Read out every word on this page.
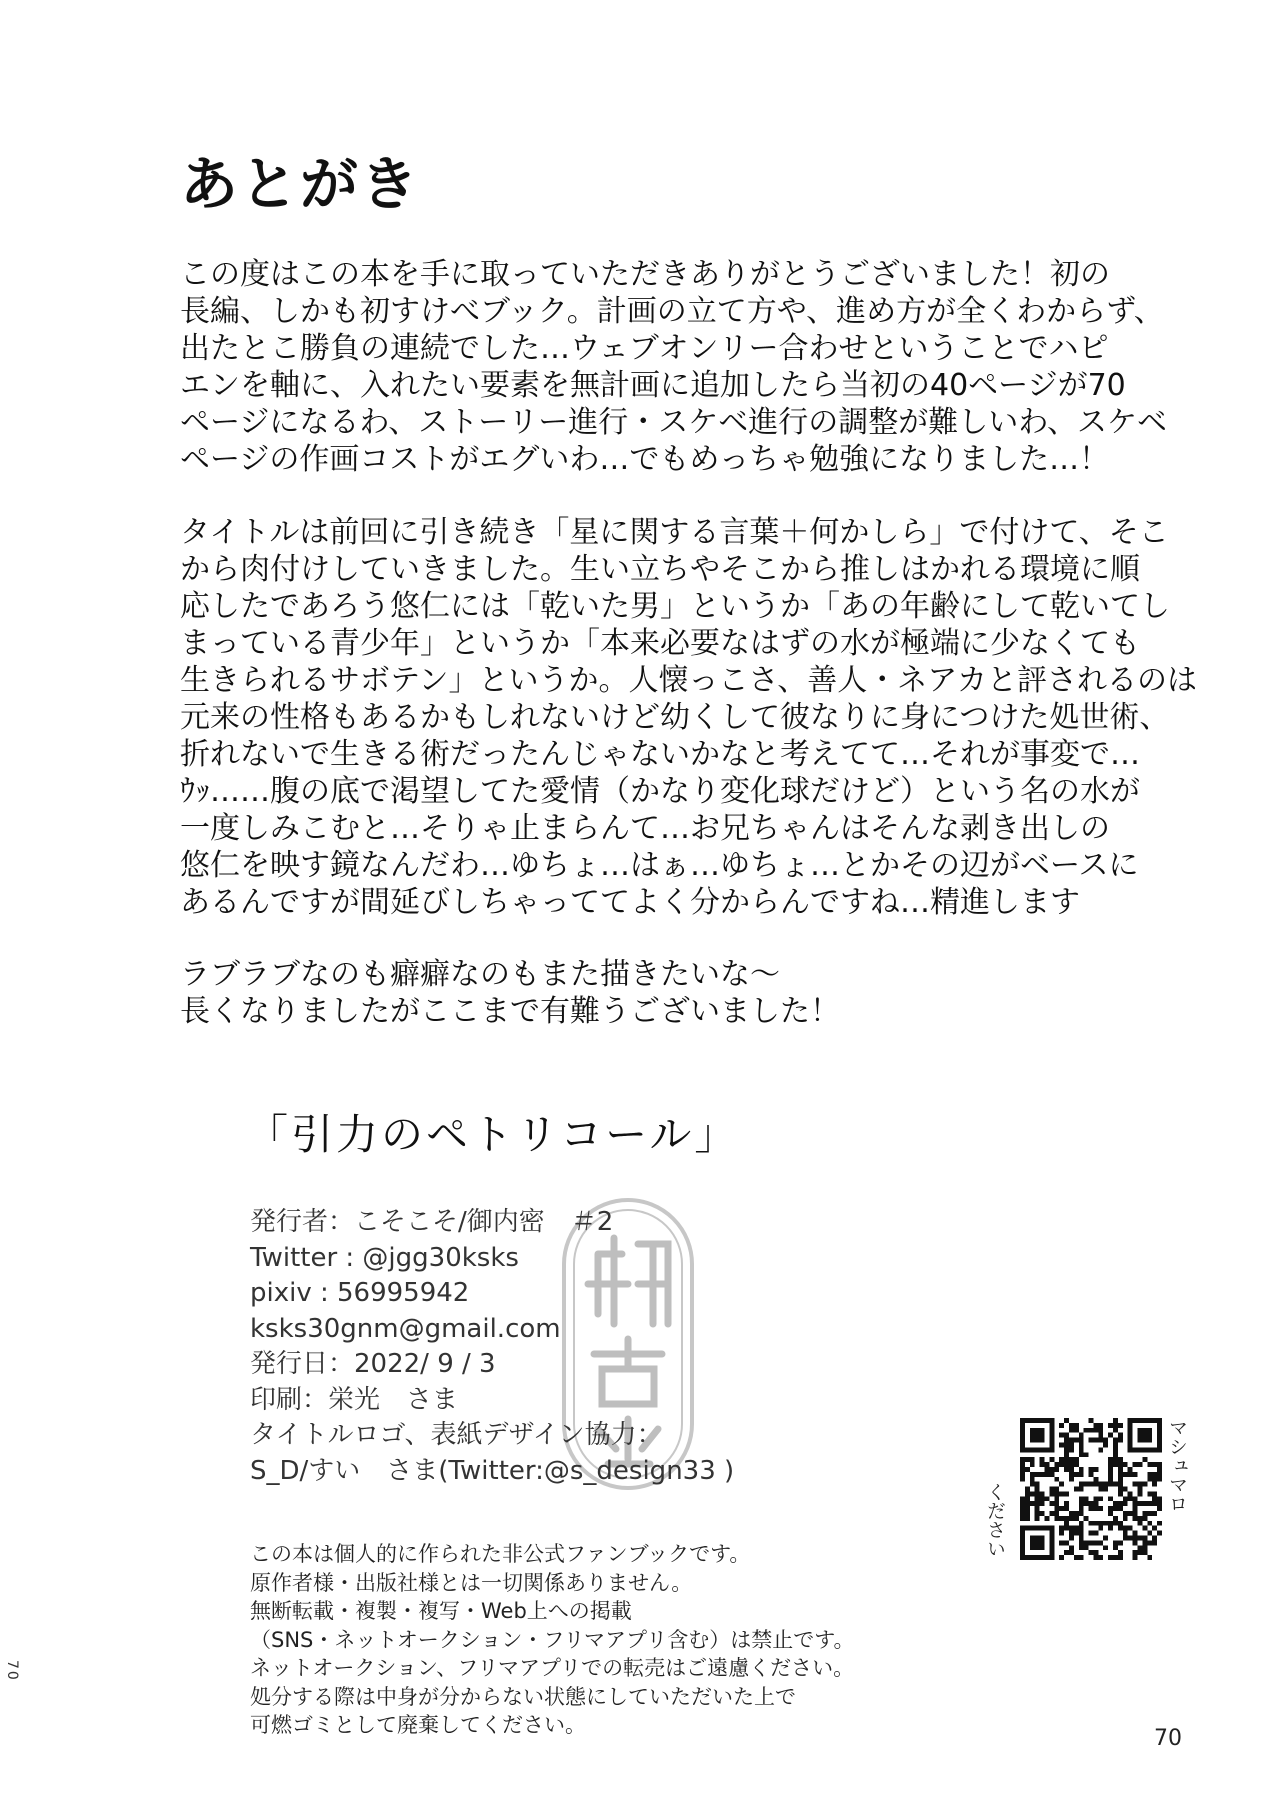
あとがき
この度はこの本を手に取っていただきありがとうございました！初の
長編、しかも初すけべブック。計画の立て方や、進め方が全くわからず、
出たとこ勝負の連続でした…ウェブオンリー合わせということでハピ
エンを軸に、入れたい要素を無計画に追加したら当初の40ページが70
ページになるわ、ストーリー進行・スケベ進行の調整が難しいわ、スケベ
ページの作画コストがエグいわ…でもめっちゃ勉強になりました…！
タイトルは前回に引き続き「星に関する言葉＋何かしら」で付けて、そこ
から肉付けしていきました。生い立ちやそこから推しはかれる環境に順
応したであろう悠仁には「乾いた男」というか「あの年齢にして乾いてし
まっている青少年」というか「本来必要なはずの水が極端に少なくても
生きられるサボテン」というか。人懐っこさ、善人・ネアカと評されるのは
元来の性格もあるかもしれないけど幼くして彼なりに身につけた処世術、
折れないで生きる術だったんじゃないかなと考えてて…それが事変で…
ｳｯ……腹の底で渇望してた愛情（かなり変化球だけど）という名の水が
一度しみこむと…そりゃ止まらんて…お兄ちゃんはそんな剥き出しの
悠仁を映す鏡なんだわ…ゆちょ…はぁ…ゆちょ…とかその辺がベースに
あるんですが間延びしちゃっててよく分からんですね…精進します
ラブラブなのも癖癖なのもまた描きたいな〜
長くなりましたがここまで有難うございました！
「引力のペトリコール」
発行者：こそこそ/御内密　＃2
Twitter : @jgg30ksks
pixiv : 56995942
ksks30gnm@gmail.com
発行日：2022/ 9 / 3
印刷：栄光　さま
タイトルロゴ、表紙デザイン協力：
S_D/すい　さま(Twitter:@s_design33 )
この本は個人的に作られた非公式ファンブックです。
原作者様・出版社様とは一切関係ありません。
無断転載・複製・複写・Web上への掲載
（SNS・ネットオークション・フリマアプリ含む）は禁止です。
ネットオークション、フリマアプリでの転売はご遠慮ください。
処分する際は中身が分からない状態にしていただいた上で
可燃ゴミとして廃棄してください。
マシュマロ
ください
70
70
